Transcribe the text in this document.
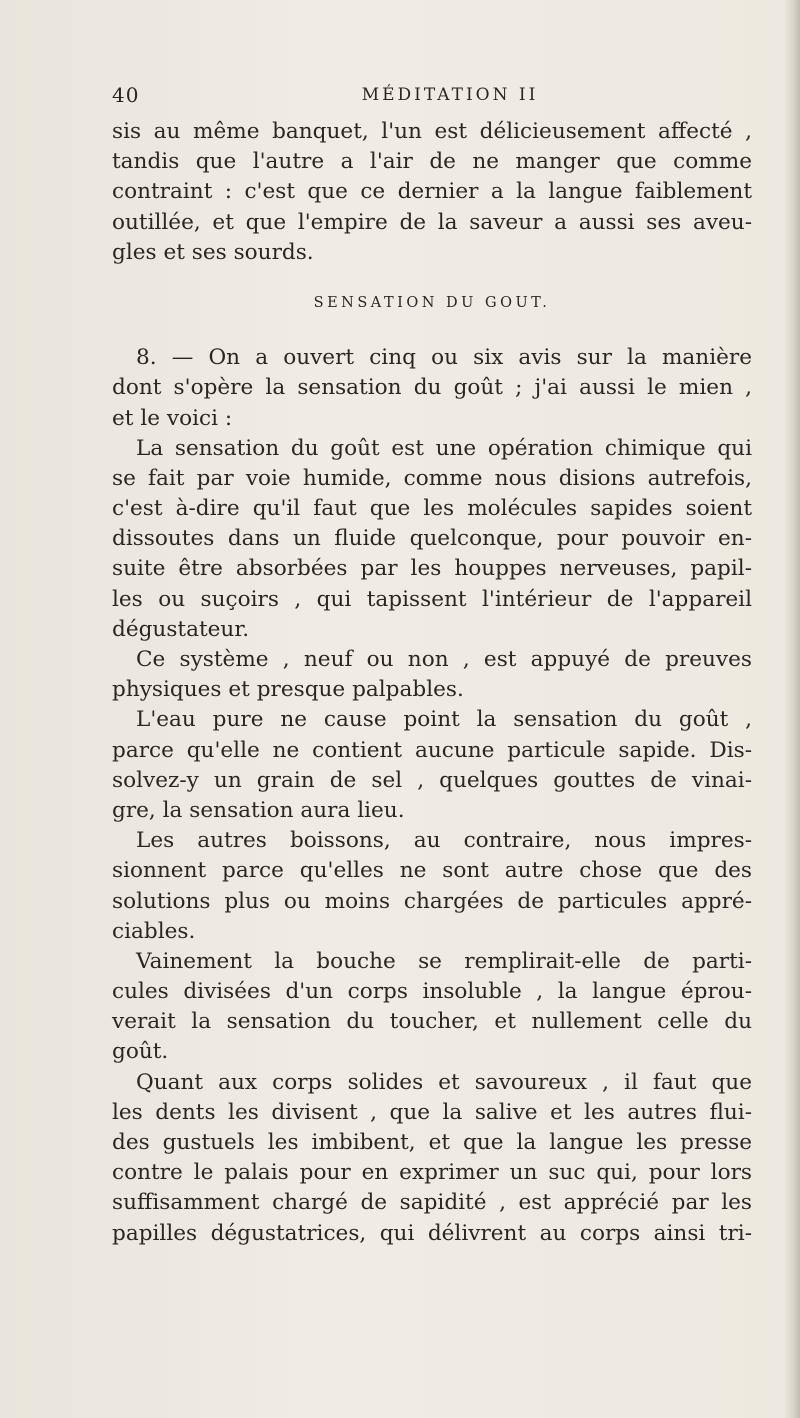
40	MÉDITATION II
sis au même banquet, l'un est délicieusement affecté ,
tandis que l'autre a l'air de ne manger que comme
contraint : c'est que ce dernier a la langue faiblement
outillée, et que l'empire de la saveur a aussi ses aveu-
gles et ses sourds.
SENSATION DU GOUT.
8. — On a ouvert cinq ou six avis sur la manière
dont s'opère la sensation du goût ; j'ai aussi le mien ,
et le voici :
La sensation du goût est une opération chimique qui
se fait par voie humide, comme nous disions autrefois,
c'est à-dire qu'il faut que les molécules sapides soient
dissoutes dans un fluide quelconque, pour pouvoir en-
suite être absorbées par les houppes nerveuses, papil-
les ou suçoirs , qui tapissent l'intérieur de l'appareil
dégustateur.
Ce système , neuf ou non , est appuyé de preuves
physiques et presque palpables.
L'eau pure ne cause point la sensation du goût ,
parce qu'elle ne contient aucune particule sapide. Dis-
solvez-y un grain de sel , quelques gouttes de vinai-
gre, la sensation aura lieu.
Les autres boissons, au contraire, nous impres-
sionnent parce qu'elles ne sont autre chose que des
solutions plus ou moins chargées de particules appré-
ciables.
Vainement la bouche se remplirait-elle de parti-
cules divisées d'un corps insoluble , la langue éprou-
verait la sensation du toucher, et nullement celle du
goût.
Quant aux corps solides et savoureux , il faut que
les dents les divisent , que la salive et les autres flui-
des gustuels les imbibent, et que la langue les presse
contre le palais pour en exprimer un suc qui, pour lors
suffisamment chargé de sapidité , est apprécié par les
papilles dégustatrices, qui délivrent au corps ainsi tri-
